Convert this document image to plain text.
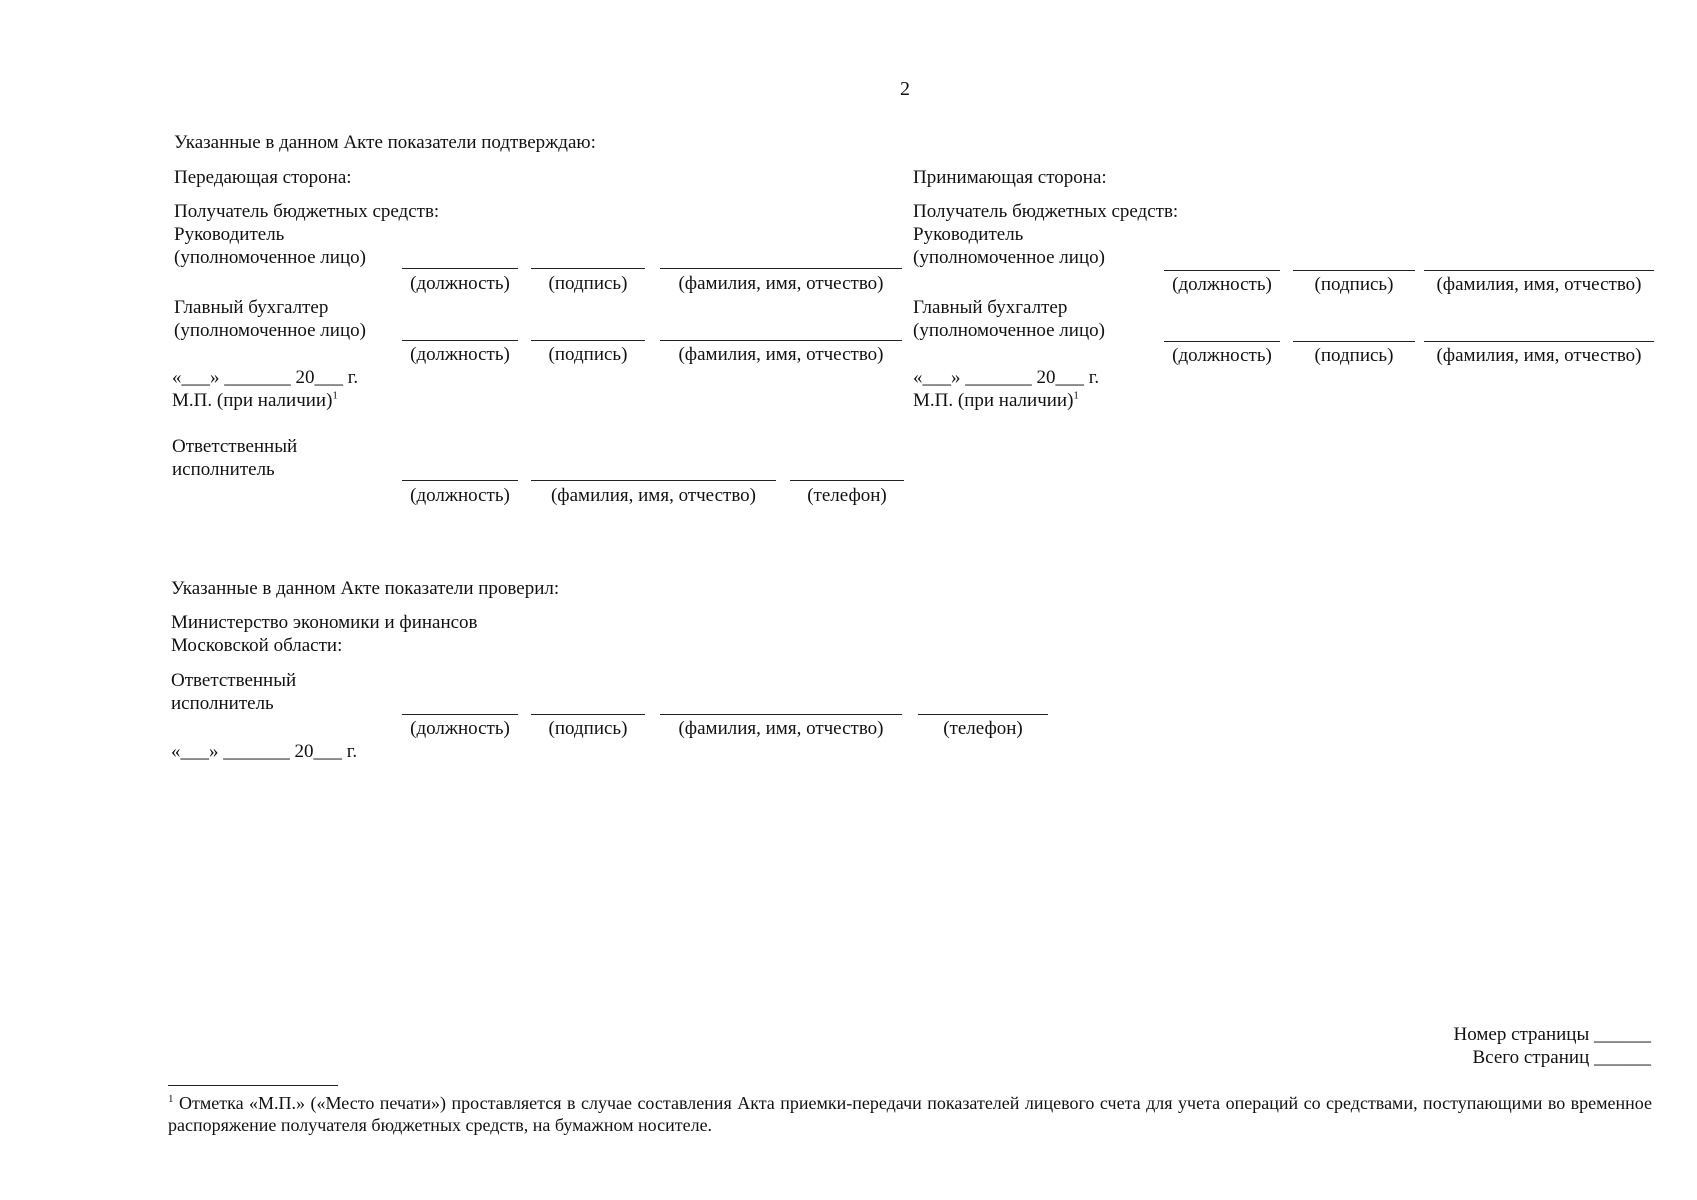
2
Указанные в данном Акте показатели подтверждаю:
Передающая сторона:
Получатель бюджетных средств:
Руководитель
(уполномоченное лицо)
(должность)	(подпись)	(фамилия, имя, отчество)
Главный бухгалтер
(уполномоченное лицо)
(должность)	(подпись)	(фамилия, имя, отчество)
«___» _______ 20___ г.
М.П. (при наличии)$^1$
Ответственный
исполнитель
(должность)	(фамилия, имя, отчество)	(телефон)
Принимающая сторона:
Получатель бюджетных средств:
Руководитель
(уполномоченное лицо)
(должность)	(подпись)	(фамилия, имя, отчество)
Главный бухгалтер
(уполномоченное лицо)
(должность)	(подпись)	(фамилия, имя, отчество)
«___» _______ 20___ г.
М.П. (при наличии)$^1$
Указанные в данном Акте показатели проверил:
Министерство экономики и финансов
Московской области:
Ответственный
исполнитель
(должность)	(подпись)	(фамилия, имя, отчество)	(телефон)
«___» _______ 20___ г.
Номер страницы ______
Всего страниц ______
$^1$ Отметка «М.П.» («Место печати») проставляется в случае составления Акта приемки-передачи показателей лицевого счета для учета операций со средствами, поступающими во временное распоряжение получателя бюджетных средств, на бумажном носителе.
